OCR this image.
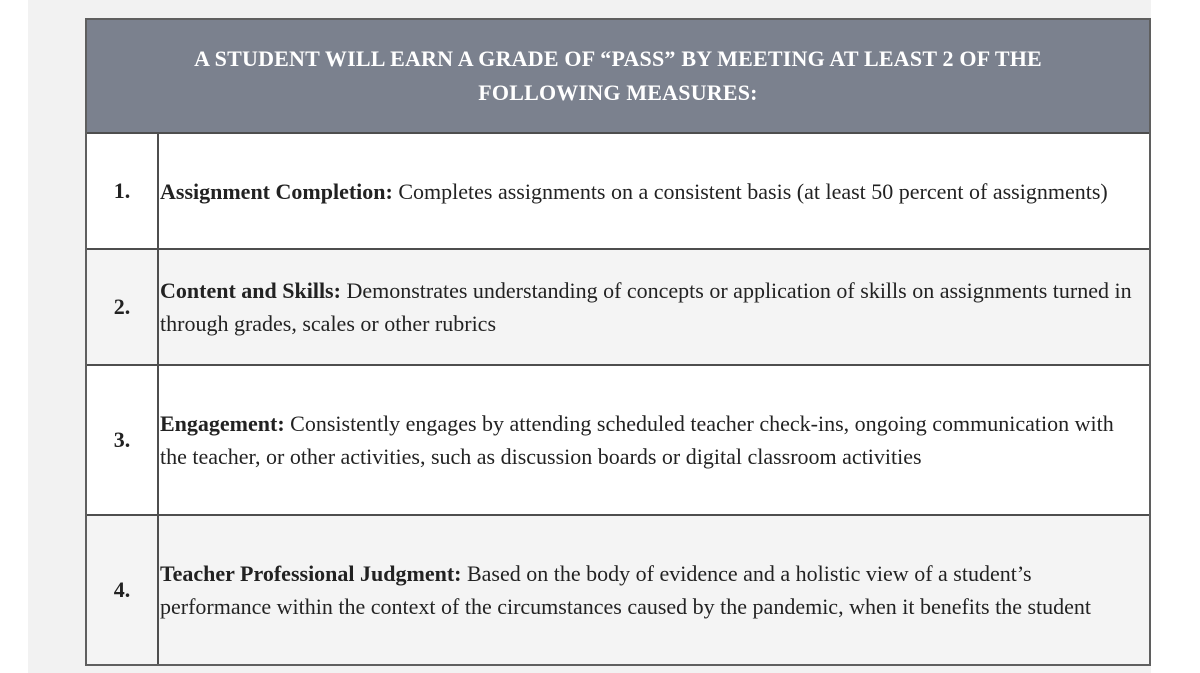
A STUDENT WILL EARN A GRADE OF “PASS” BY MEETING AT LEAST 2 OF THE FOLLOWING MEASURES:
1.	Assignment Completion: Completes assignments on a consistent basis (at least 50 percent of assignments)
2.
Content and Skills: Demonstrates understanding of concepts or application of skills on assignments turned in through grades, scales or other rubrics
3.
Engagement: Consistently engages by attending scheduled teacher check-ins, ongoing communication with the teacher, or other activities, such as discussion boards or digital classroom activities
4.
Teacher Professional Judgment: Based on the body of evidence and a holistic view of a student’s performance within the context of the circumstances caused by the pandemic, when it benefits the student
